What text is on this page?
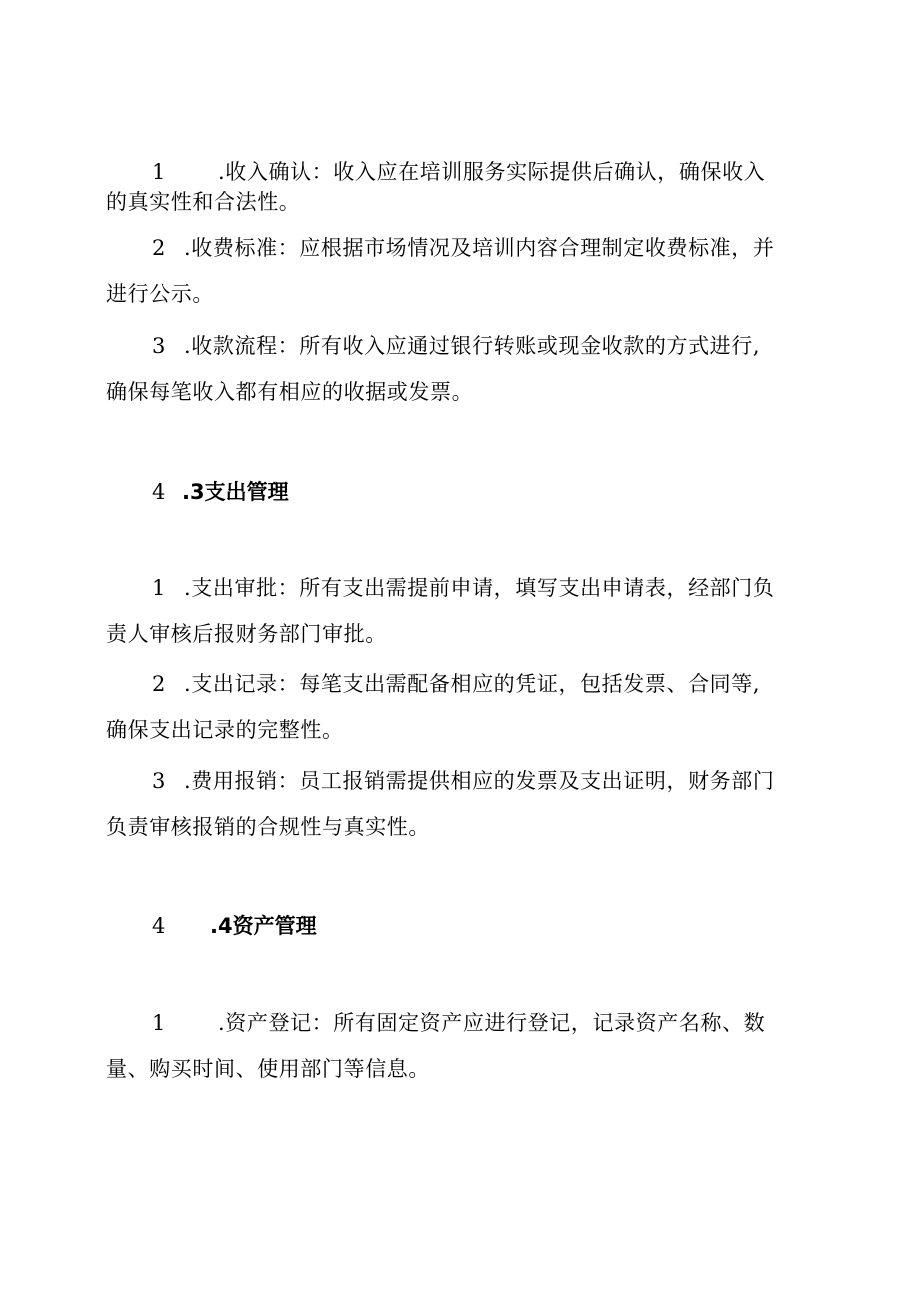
1 .收入确认：收入应在培训服务实际提供后确认，确保收入
的真实性和合法性。

2 .收费标准：应根据市场情况及培训内容合理制定收费标准，并
进行公示。

3 .收款流程：所有收入应通过银行转账或现金收款的方式进行,
确保每笔收入都有相应的收据或发票。

4 .3支出管理

1 .支出审批：所有支出需提前申请，填写支出申请表，经部门负
责人审核后报财务部门审批。

2 .支出记录：每笔支出需配备相应的凭证，包括发票、合同等,
确保支出记录的完整性。

3 .费用报销：员工报销需提供相应的发票及支出证明，财务部门
负责审核报销的合规性与真实性。

4 .4资产管理

1 .资产登记：所有固定资产应进行登记，记录资产名称、数
量、购买时间、使用部门等信息。
